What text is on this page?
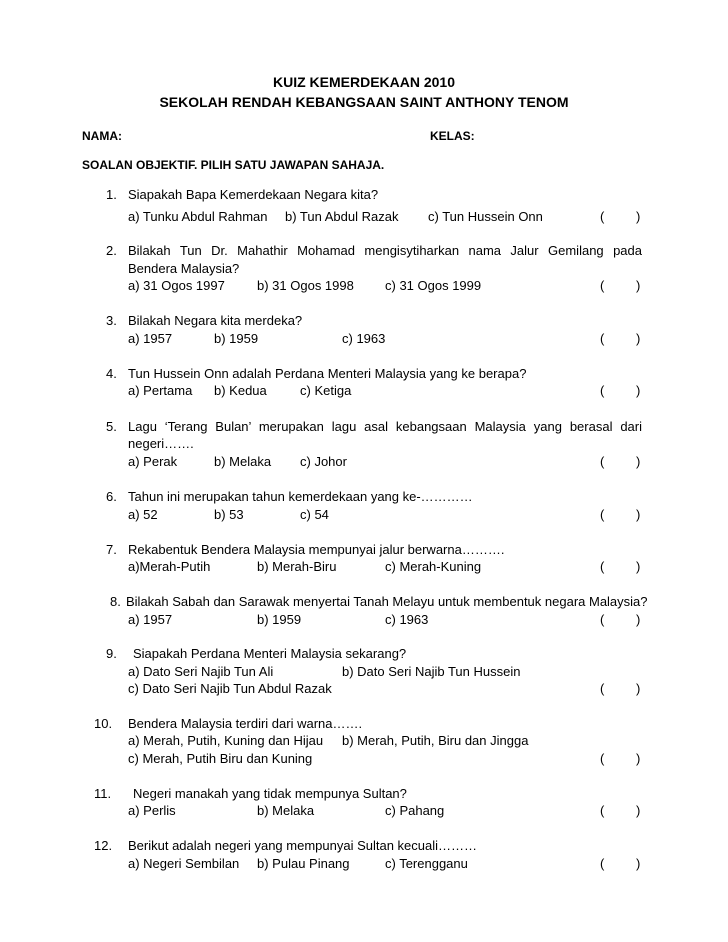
KUIZ KEMERDEKAAN 2010
SEKOLAH RENDAH KEBANGSAAN SAINT ANTHONY TENOM
NAMA:	KELAS:
SOALAN OBJEKTIF. PILIH SATU JAWAPAN SAHAJA.
1. Siapakah Bapa Kemerdekaan Negara kita?
a) Tunku Abdul Rahman b) Tun Abdul Razak c) Tun Hussein Onn	( )
2. Bilakah Tun Dr. Mahathir Mohamad mengisytiharkan nama Jalur Gemilang pada
Bendera Malaysia?
a) 31 Ogos 1997 b) 31 Ogos 1998 c) 31 Ogos 1999	( )
3. Bilakah Negara kita merdeka?
a) 1957	b) 1959	c) 1963	( )
4. Tun Hussein Onn adalah Perdana Menteri Malaysia yang ke berapa?
a) Pertama b) Kedua	c) Ketiga	( )
5. Lagu ‘Terang Bulan’ merupakan lagu asal kebangsaan Malaysia yang berasal dari
negeri…….
a) Perak	b) Melaka c) Johor	( )
6. Tahun ini merupakan tahun kemerdekaan yang ke-…………
a) 52	b) 53	c) 54	( )
7. Rekabentuk Bendera Malaysia mempunyai jalur berwarna……….
a)Merah-Putih	b) Merah-Biru	c) Merah-Kuning	( )
8. Bilakah Sabah dan Sarawak menyertai Tanah Melayu untuk membentuk negara Malaysia?
a) 1957	b) 1959	c) 1963	( )
9. Siapakah Perdana Menteri Malaysia sekarang?
a) Dato Seri Najib Tun Ali	b) Dato Seri Najib Tun Hussein
c) Dato Seri Najib Tun Abdul Razak	( )
10. Bendera Malaysia terdiri dari warna…….
a) Merah, Putih, Kuning dan Hijau b) Merah, Putih, Biru dan Jingga
c) Merah, Putih Biru dan Kuning	( )
11. Negeri manakah yang tidak mempunya Sultan?
a) Perlis	b) Melaka	c) Pahang	( )
12. Berikut adalah negeri yang mempunyai Sultan kecuali………
a) Negeri Sembilan b) Pulau Pinang	c) Terengganu	( )
